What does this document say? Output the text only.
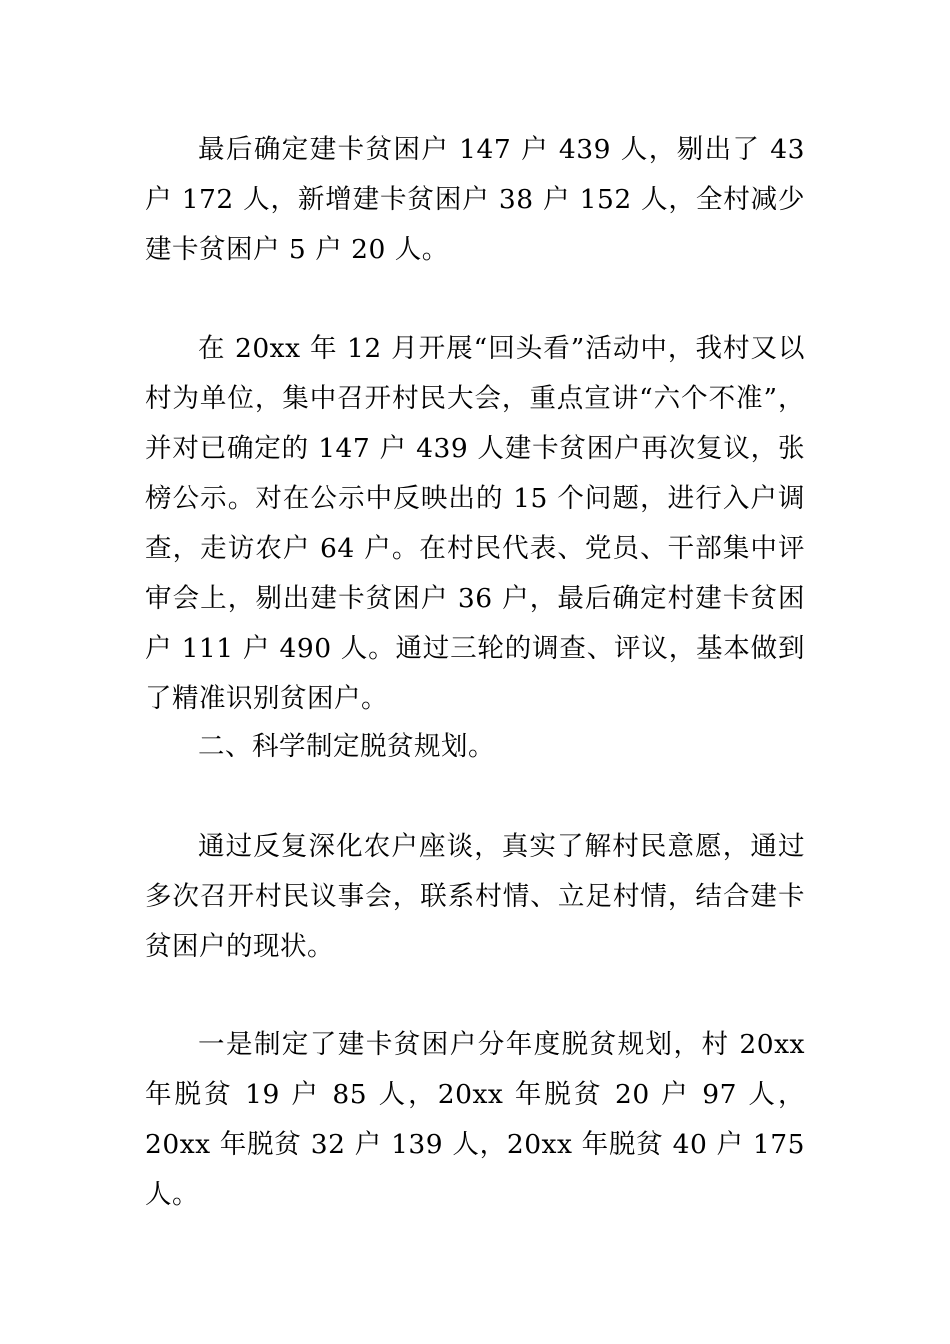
最后确定建卡贫困户 147 户 439 人，剔出了 43 户 172 人，新增建卡贫困户 38 户 152 人，全村减少建卡贫困户 5 户 20 人。

在 20xx 年 12 月开展“回头看”活动中，我村又以村为单位，集中召开村民大会，重点宣讲“六个不准”，并对已确定的 147 户 439 人建卡贫困户再次复议，张榜公示。对在公示中反映出的 15 个问题，进行入户调查，走访农户 64 户。在村民代表、党员、干部集中评审会上，剔出建卡贫困户 36 户，最后确定村建卡贫困户 111 户 490 人。通过三轮的调查、评议，基本做到了精准识别贫困户。

二、科学制定脱贫规划。

通过反复深化农户座谈，真实了解村民意愿，通过多次召开村民议事会，联系村情、立足村情，结合建卡贫困户的现状。

一是制定了建卡贫困户分年度脱贫规划，村 20xx 年脱贫 19 户 85 人，20xx 年脱贫 20 户 97 人，20xx 年脱贫 32 户 139 人，20xx 年脱贫 40 户 175 人。
